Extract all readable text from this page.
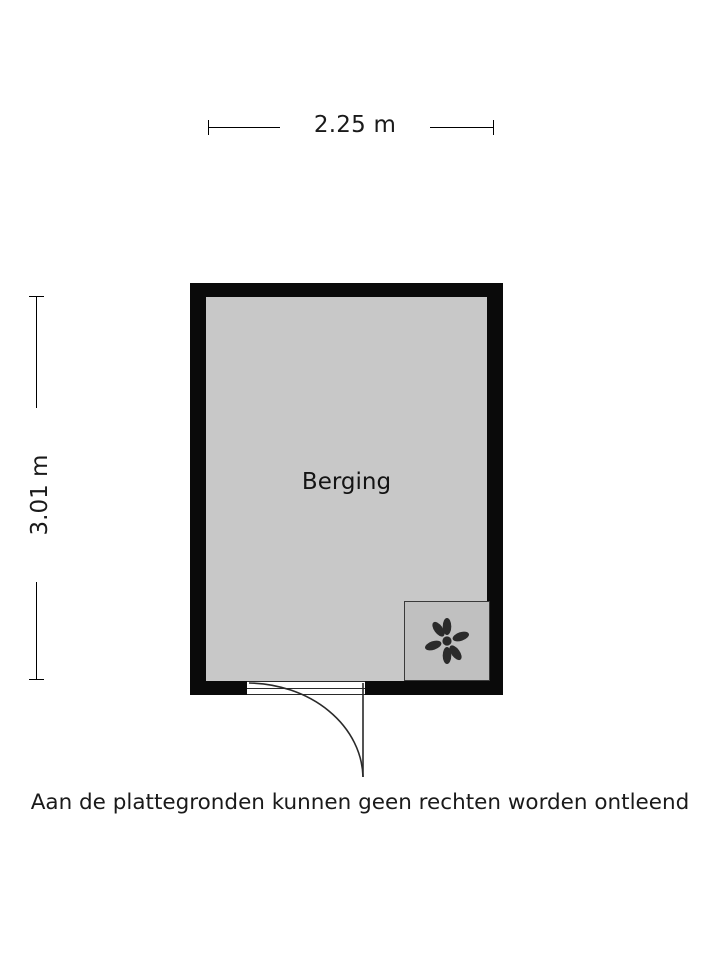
2.25 m
3.01 m	Berging
Aan de plattegronden kunnen geen rechten worden ontleend
